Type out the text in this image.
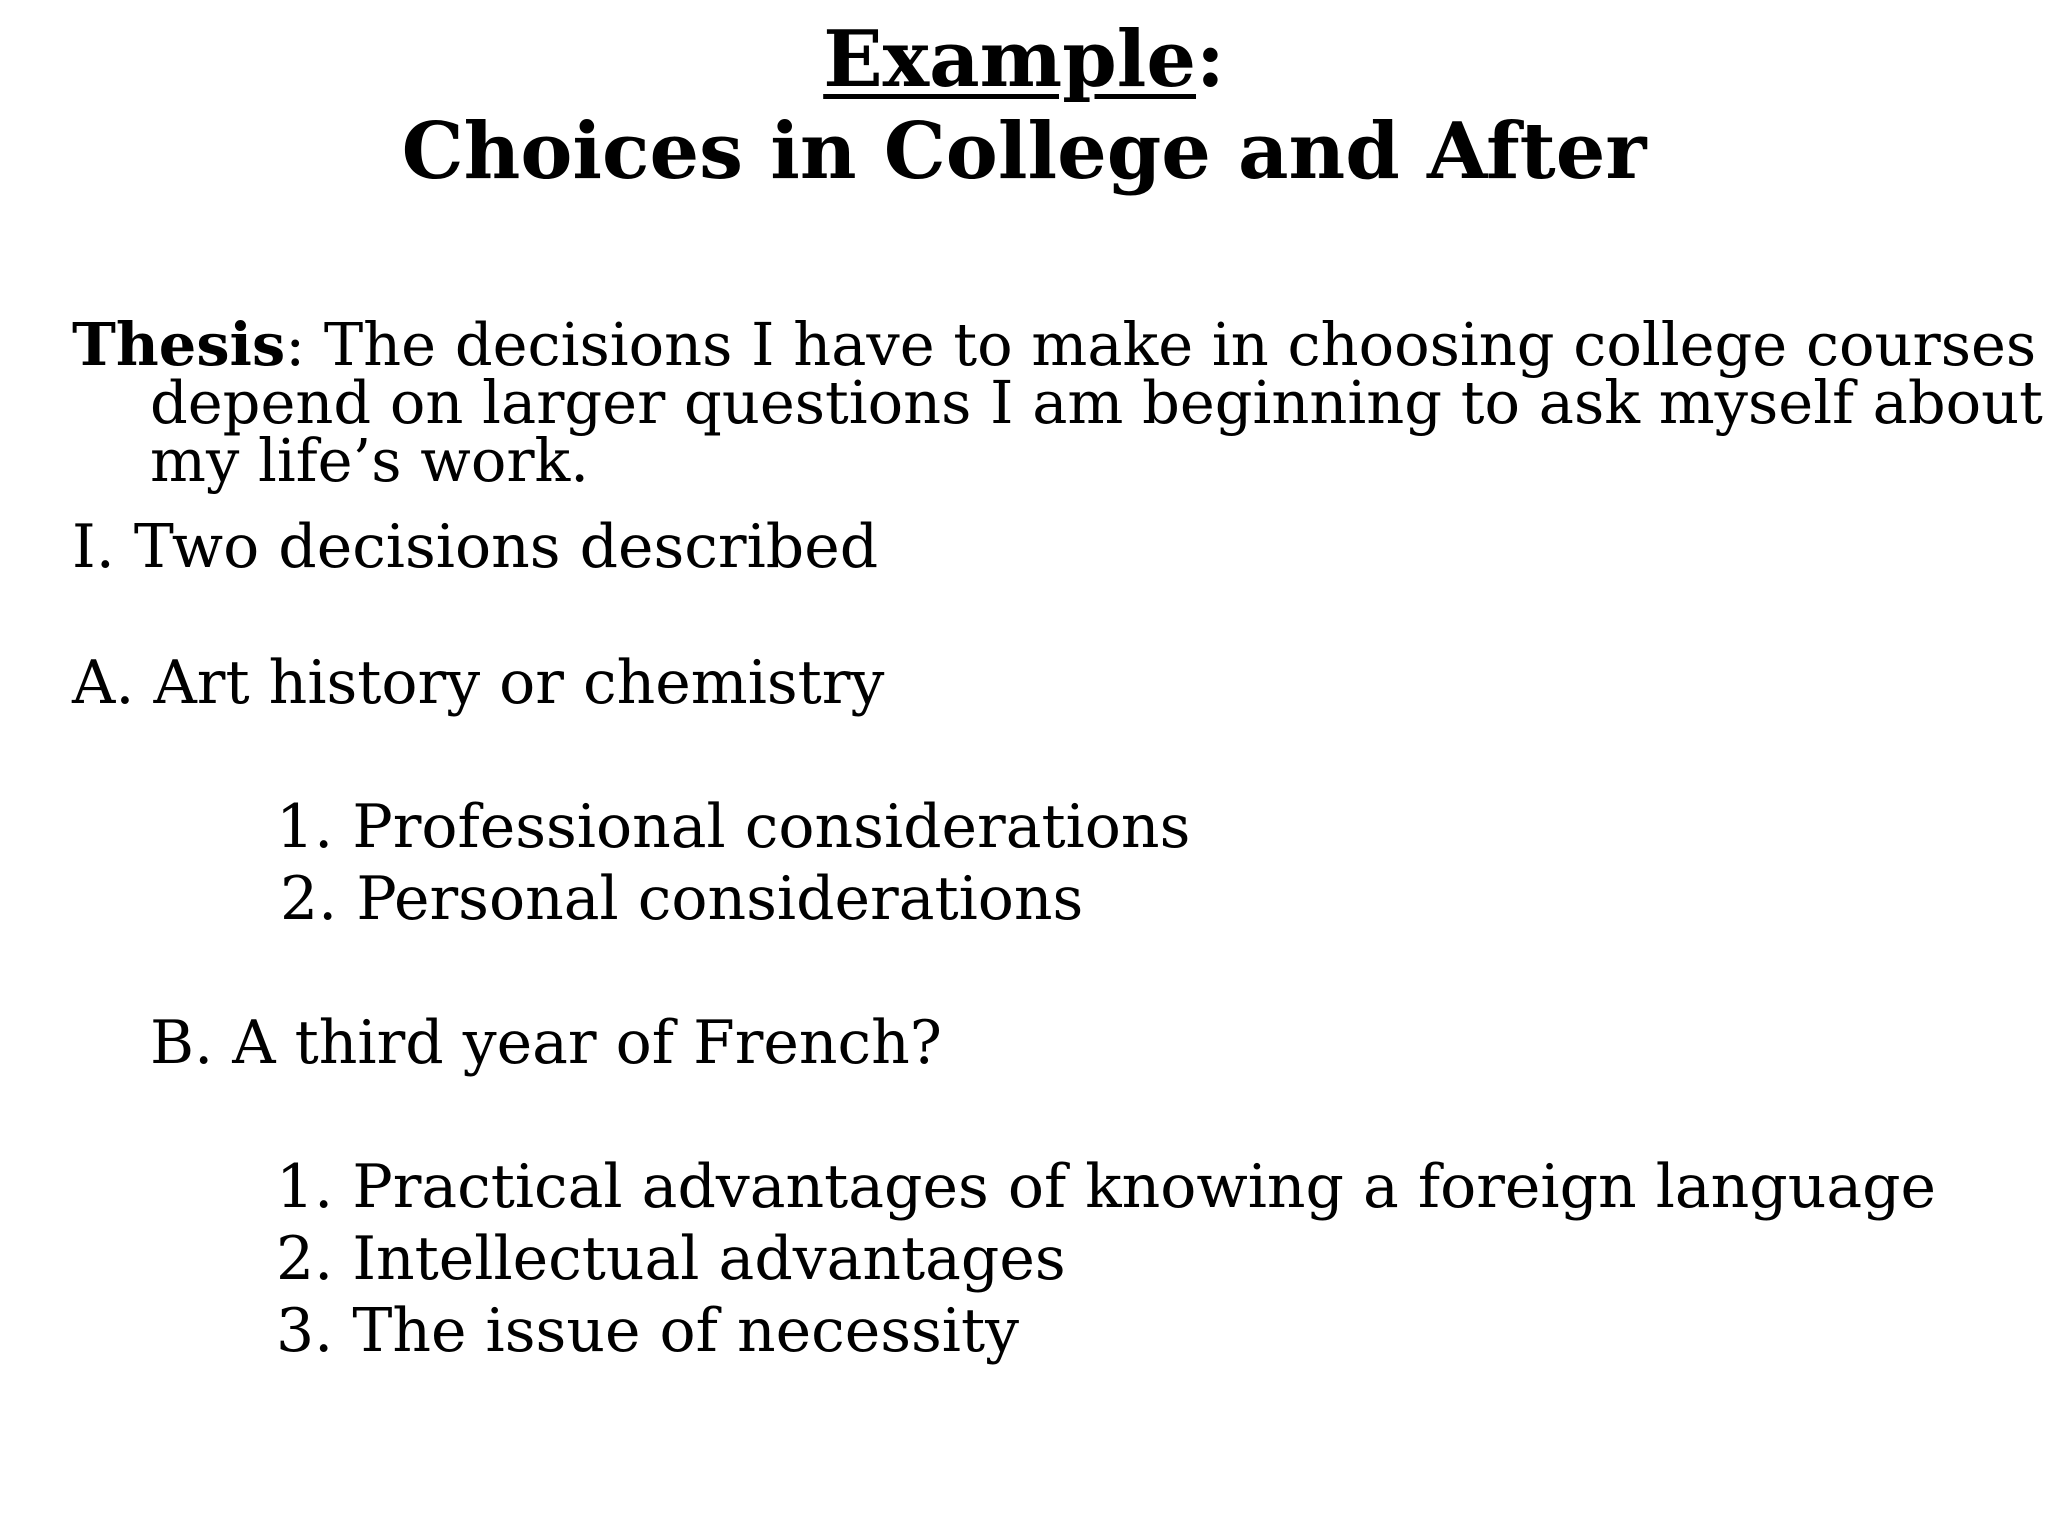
Example:
Choices in College and After
Thesis: The decisions I have to make in choosing college courses depend on larger questions I am beginning to ask myself about my life’s work.
I. Two decisions described
A. Art history or chemistry
1. Professional considerations
2. Personal considerations
B. A third year of French?
1. Practical advantages of knowing a foreign language
2. Intellectual advantages
3. The issue of necessity
